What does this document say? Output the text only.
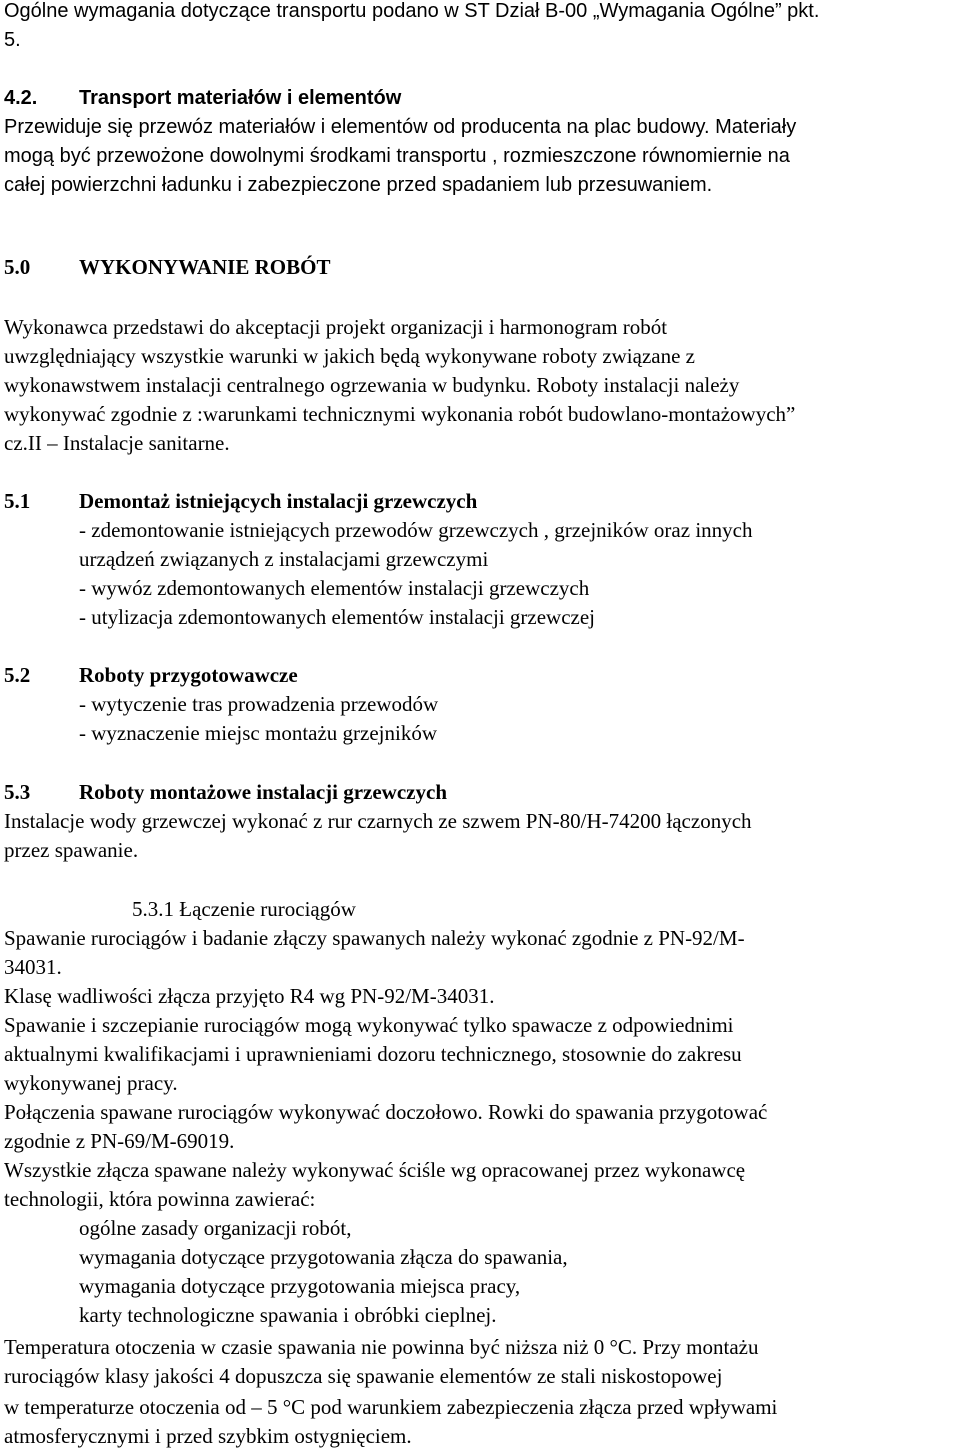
Ogólne wymagania dotyczące transportu podano w ST Dział B-00 „Wymagania Ogólne” pkt.
5.
4.2. Transport materiałów i elementów
Przewiduje się przewóz materiałów i elementów od producenta na plac budowy. Materiały
mogą być przewożone dowolnymi środkami transportu , rozmieszczone równomiernie na
całej powierzchni ładunku i zabezpieczone przed spadaniem lub przesuwaniem.
5.0 WYKONYWANIE ROBÓT
Wykonawca przedstawi do akceptacji projekt organizacji i harmonogram robót
uwzględniający wszystkie warunki w jakich będą wykonywane roboty związane z
wykonawstwem instalacji centralnego ogrzewania w budynku. Roboty instalacji należy
wykonywać zgodnie z :warunkami technicznymi wykonania robót budowlano-montażowych”
cz.II – Instalacje sanitarne.
5.1 Demontaż istniejących instalacji grzewczych
- zdemontowanie istniejących przewodów grzewczych , grzejników oraz innych
urządzeń związanych z instalacjami grzewczymi
- wywóz zdemontowanych elementów instalacji grzewczych
- utylizacja zdemontowanych elementów instalacji grzewczej
5.2 Roboty przygotowawcze
- wytyczenie tras prowadzenia przewodów
- wyznaczenie miejsc montażu grzejników
5.3 Roboty montażowe instalacji grzewczych
Instalacje wody grzewczej wykonać z rur czarnych ze szwem PN-80/H-74200 łączonych
przez spawanie.
5.3.1 Łączenie rurociągów
Spawanie rurociągów i badanie złączy spawanych należy wykonać zgodnie z PN-92/M-
34031.
Klasę wadliwości złącza przyjęto R4 wg PN-92/M-34031.
Spawanie i szczepianie rurociągów mogą wykonywać tylko spawacze z odpowiednimi
aktualnymi kwalifikacjami i uprawnieniami dozoru technicznego, stosownie do zakresu
wykonywanej pracy.
Połączenia spawane rurociągów wykonywać doczołowo. Rowki do spawania przygotować
zgodnie z PN-69/M-69019.
Wszystkie złącza spawane należy wykonywać ściśle wg opracowanej przez wykonawcę
technologii, która powinna zawierać:
ogólne zasady organizacji robót,
wymagania dotyczące przygotowania złącza do spawania,
wymagania dotyczące przygotowania miejsca pracy,
karty technologiczne spawania i obróbki cieplnej.
Temperatura otoczenia w czasie spawania nie powinna być niższa niż 0 °C. Przy montażu
rurociągów klasy jakości 4 dopuszcza się spawanie elementów ze stali niskostopowej
w temperaturze otoczenia od – 5 °C pod warunkiem zabezpieczenia złącza przed wpływami
atmosferycznymi i przed szybkim ostygnięciem.
